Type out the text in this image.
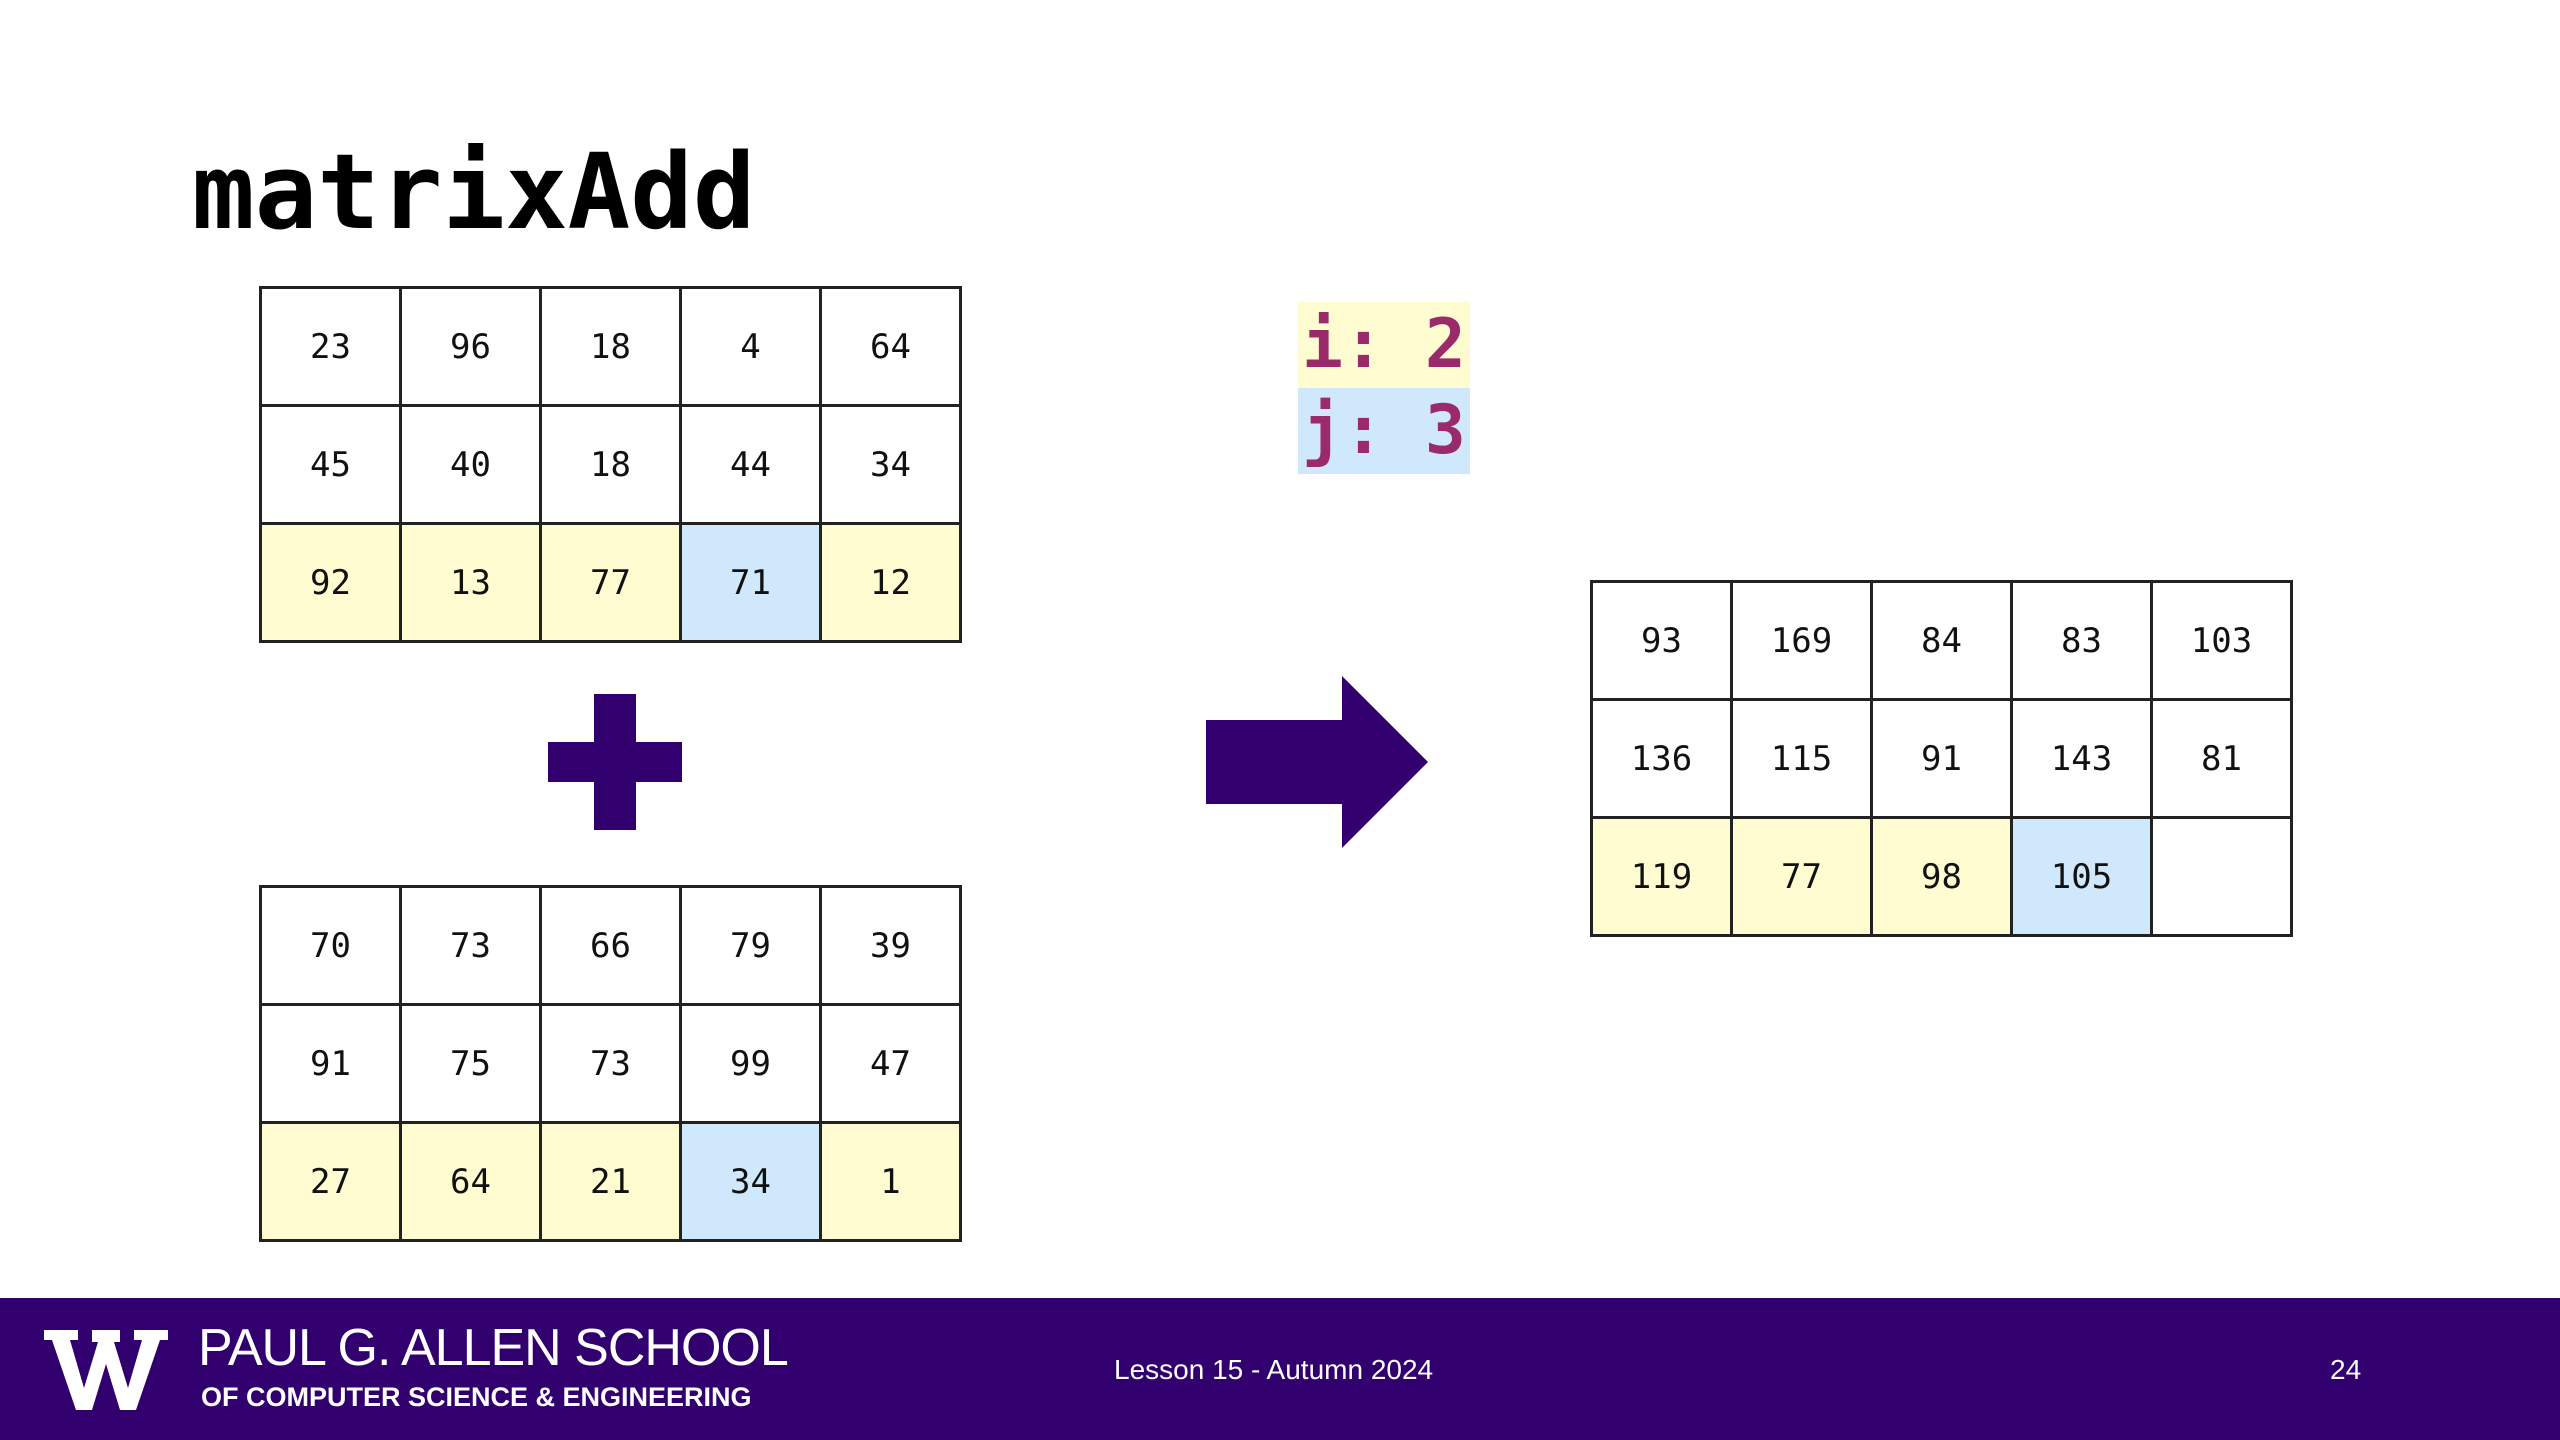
matrixAdd
23	96	18	4	64
45	40	18	44	34
92	13	77	71	12
70	73	66	79	39
91	75	73	99	47
27	64	21	34	1
i: 2
j: 3
93	169	84	83	103
136	115	91	143	81
119	77	98	105	
PAUL G. ALLEN SCHOOL
OF COMPUTER SCIENCE & ENGINEERING
Lesson 15 - Autumn 2024	24
